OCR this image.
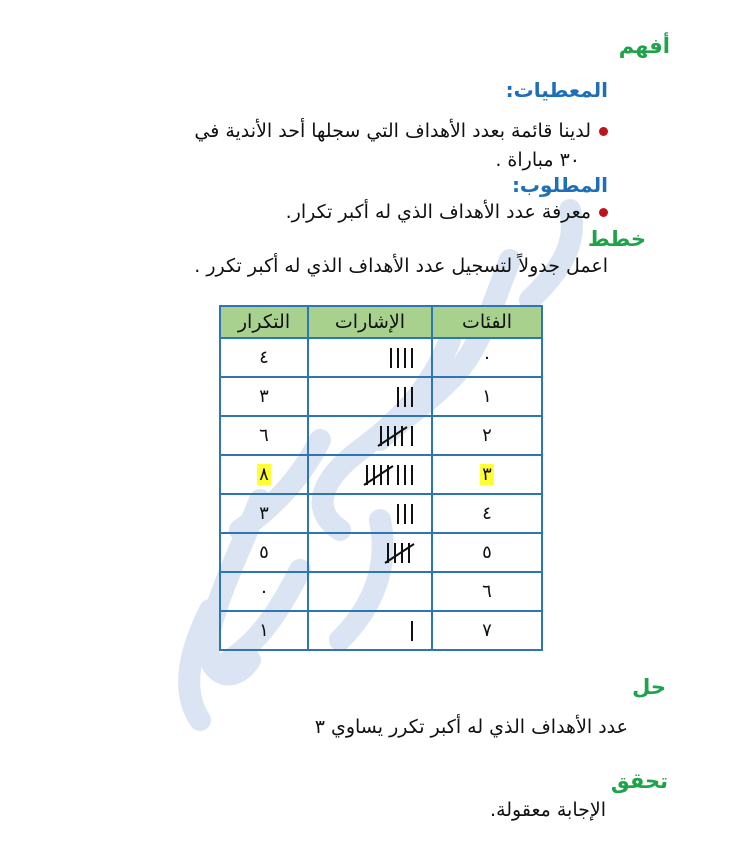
أفهم
المعطيات:
لدينا قائمة بعدد الأهداف التي سجلها أحد الأندية في
٣٠ مباراة .
المطلوب:
معرفة عدد الأهداف الذي له أكبر تكرار.
خطط
اعمل جدولاً لتسجيل عدد الأهداف الذي له أكبر تكرر .
الفئات	الإشارات	التكرار
٠		٤
١		٣
٢		٦
٣		٨
٤		٣
٥		٥
٦		٠
٧		١
حل
عدد الأهداف الذي له أكبر تكرر يساوي ٣
تحقق
الإجابة معقولة.
